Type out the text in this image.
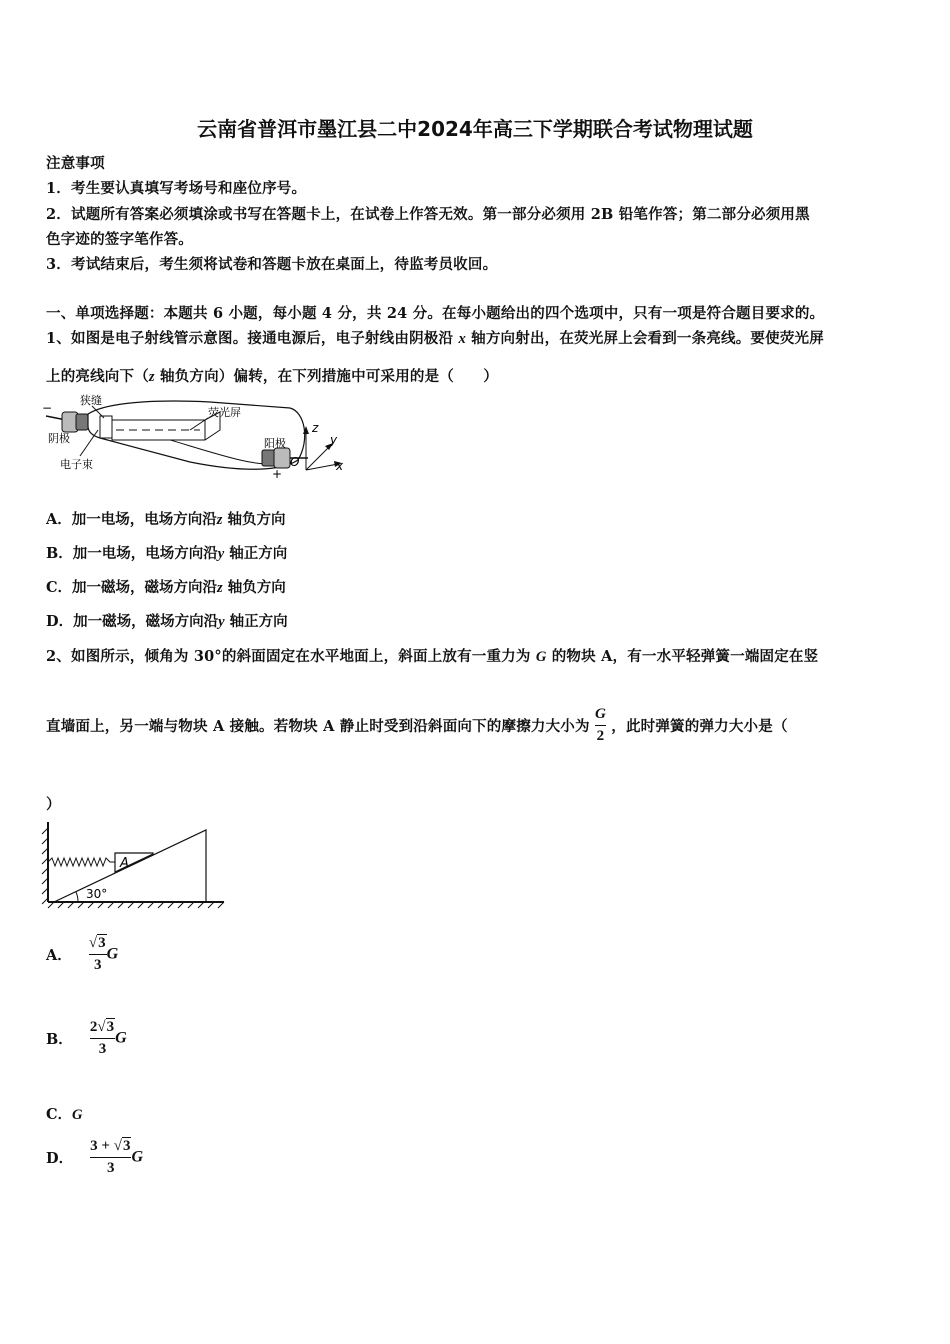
云南省普洱市墨江县二中2024年高三下学期联合考试物理试题
注意事项
1．考生要认真填写考场号和座位序号。
2．试题所有答案必须填涂或书写在答题卡上，在试卷上作答无效。第一部分必须用 2B 铅笔作答；第二部分必须用黑
色字迹的签字笔作答。
3．考试结束后，考生须将试卷和答题卡放在桌面上，待监考员收回。
一、单项选择题：本题共 6 小题，每小题 4 分，共 24 分。在每小题给出的四个选项中，只有一项是符合题目要求的。
1、如图是电子射线管示意图。接通电源后，电子射线由阴极沿 x 轴方向射出，在荧光屏上会看到一条亮线。要使荧光屏
上的亮线向下（z 轴负方向）偏转，在下列措施中可采用的是（　　）
−
狭缝
荧光屏
阴极	阳极
电子束
+
z
x
y
O
A．加一电场，电场方向沿z 轴负方向
B．加一电场，电场方向沿y 轴正方向
C．加一磁场，磁场方向沿z 轴负方向
D．加一磁场，磁场方向沿y 轴正方向
2、如图所示，倾角为 30°的斜面固定在水平地面上，斜面上放有一重力为 G 的物块 A，有一水平轻弹簧一端固定在竖
直墙面上，另一端与物块 A 接触。若物块 A 静止时受到沿斜面向下的摩擦力大小为 $\frac{G}{2}$ ，此时弹簧的弹力大小是（
）
A
30°
A． $\frac{√3}{3}$ G
B． $\frac{2√3}{3}$ G
C．G
D． $\frac{3 + √3}{3}$ G
